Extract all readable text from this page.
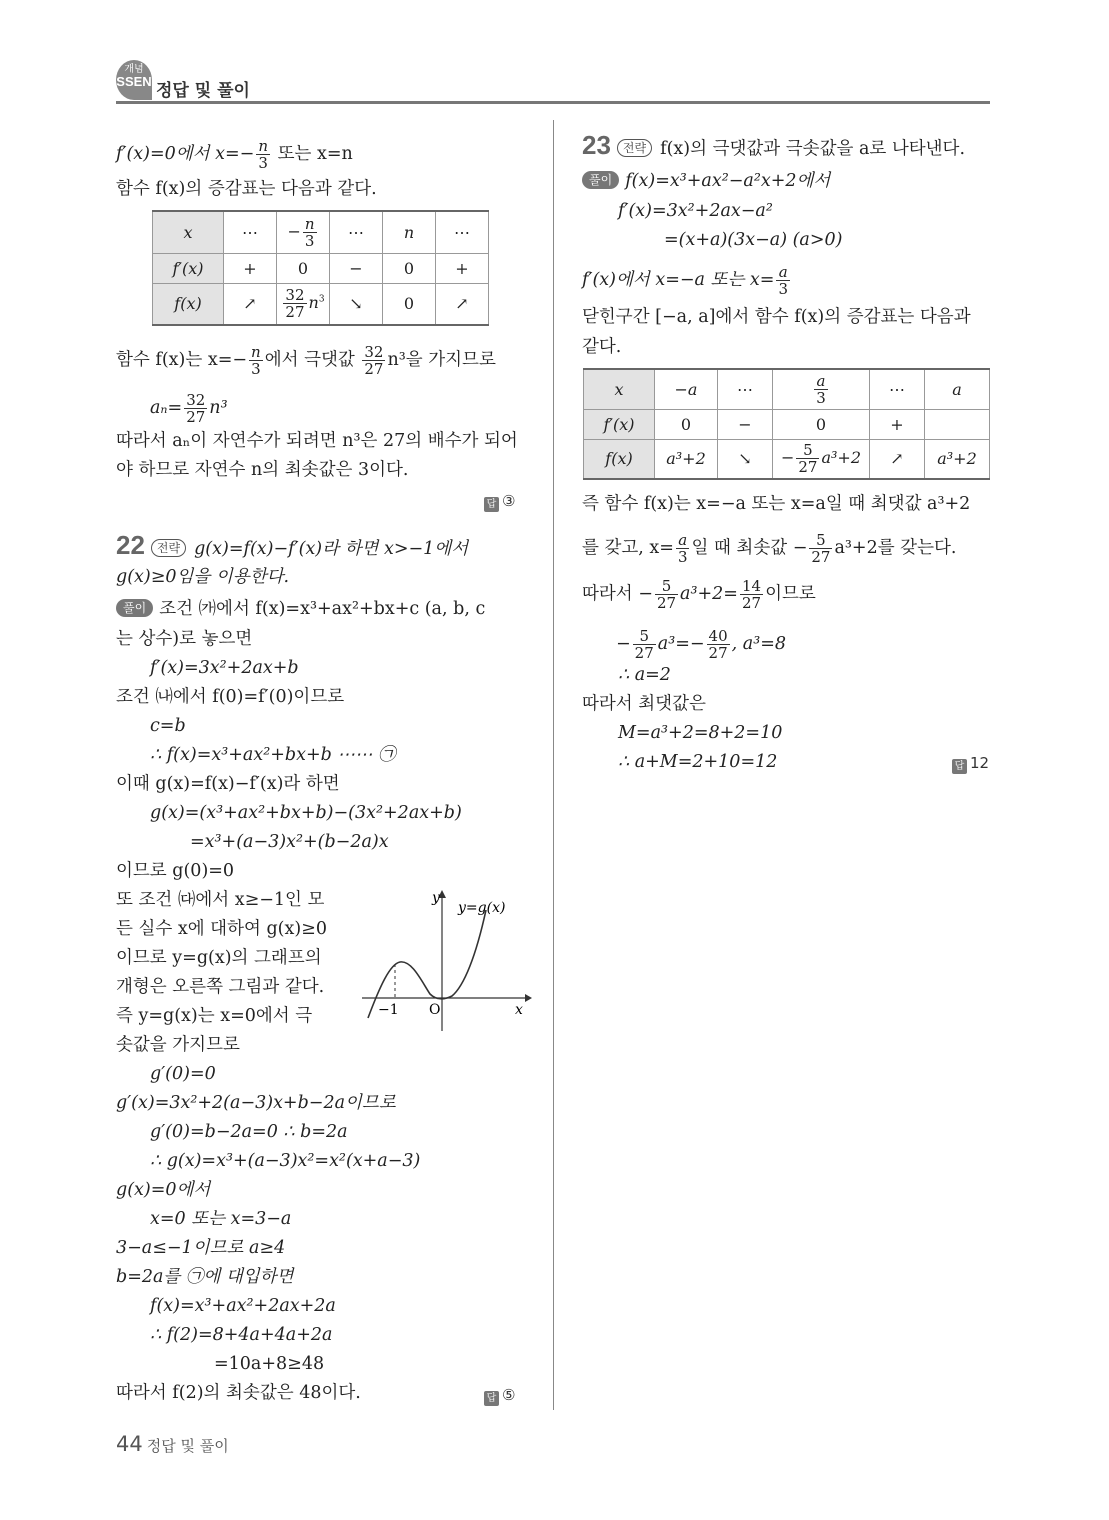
개념
SSEN 정답 및 풀이
f′(x)=0에서 $x=- \frac{n}{3}$ 또는 x=n
함수 f(x)의 증감표는 다음과 같다.
x	⋯	− $\frac{n}{3}$	⋯	n	⋯
f′(x)	+	0	−	0	+
f(x)	↗	$\frac{32}{27} n^3$	↘	0	↗
함수 f(x)는 $x=- \frac{n}{3}$ 에서 극댓값 $\frac{32}{27} n^3$을 가지므로
$a_n= \frac{32}{27} n^3$
따라서 aₙ이 자연수가 되려면 n³은 27의 배수가 되어
야 하므로 자연수 n의 최솟값은 3이다.
답 ③
22 전략 g(x)=f(x)−f′(x)라 하면 x>−1에서
g(x)≥0임을 이용한다.
풀이 조건 ㈎에서 f(x)=x³+ax²+bx+c (a, b, c
는 상수)로 놓으면
f′(x)=3x²+2ax+b
조건 ㈏에서 f(0)=f′(0)이므로
c=b
∴ f(x)=x³+ax²+bx+b ⋯⋯ ㉠
이때 g(x)=f(x)−f′(x)라 하면
g(x)=(x³+ax²+bx+b)−(3x²+2ax+b)
=x³+(a−3)x²+(b−2a)x
이므로 g(0)=0
또 조건 ㈐에서 x≥−1인 모
든 실수 x에 대하여 g(x)≥0
이므로 y=g(x)의 그래프의
개형은 오른쪽 그림과 같다.
즉 y=g(x)는 x=0에서 극
솟값을 가지므로
g′(0)=0
g′(x)=3x²+2(a−3)x+b−2a이므로
g′(0)=b−2a=0 ∴ b=2a
∴ g(x)=x³+(a−3)x²=x²(x+a−3)
g(x)=0에서
x=0 또는 x=3−a
3−a≤−1이므로 a≥4
b=2a를 ㉠에 대입하면
f(x)=x³+ax²+2ax+2a
∴ f(2)=8+4a+4a+2a
=10a+8≥48
따라서 f(2)의 최솟값은 48이다.	답 ⑤
−1 O	x
y
y=g(x)
23 전략 f(x)의 극댓값과 극솟값을 a로 나타낸다.
풀이 f(x)=x³+ax²−a²x+2에서
f′(x)=3x²+2ax−a²
=(x+a)(3x−a) (a>0)
f′(x)에서 x=−a 또는 $x= \frac{a}{3}$
닫힌구간 [−a, a]에서 함수 f(x)의 증감표는 다음과
같다.
x	−a	⋯	$\frac{a}{3}$	⋯	a
f′(x)	0	−	0	+	
f(x)	a³+2	↘	− $\frac{5}{27} a^3+2$	↗	a³+2
즉 함수 f(x)는 x=−a 또는 x=a일 때 최댓값 a³+2
를 갖고, $x= \frac{a}{3}$ 일 때 최솟값 − $\frac{5}{27} a^3+2$를 갖는다.
따라서 − $\frac{5}{27} a^3+2= \frac{14}{27}$ 이므로
− $\frac{5}{27} a^3=- \frac{40}{27}$ , a³=8
∴ a=2
따라서 최댓값은
M=a³+2=8+2=10
∴ a+M=2+10=12	답 12
44 정답 및 풀이
